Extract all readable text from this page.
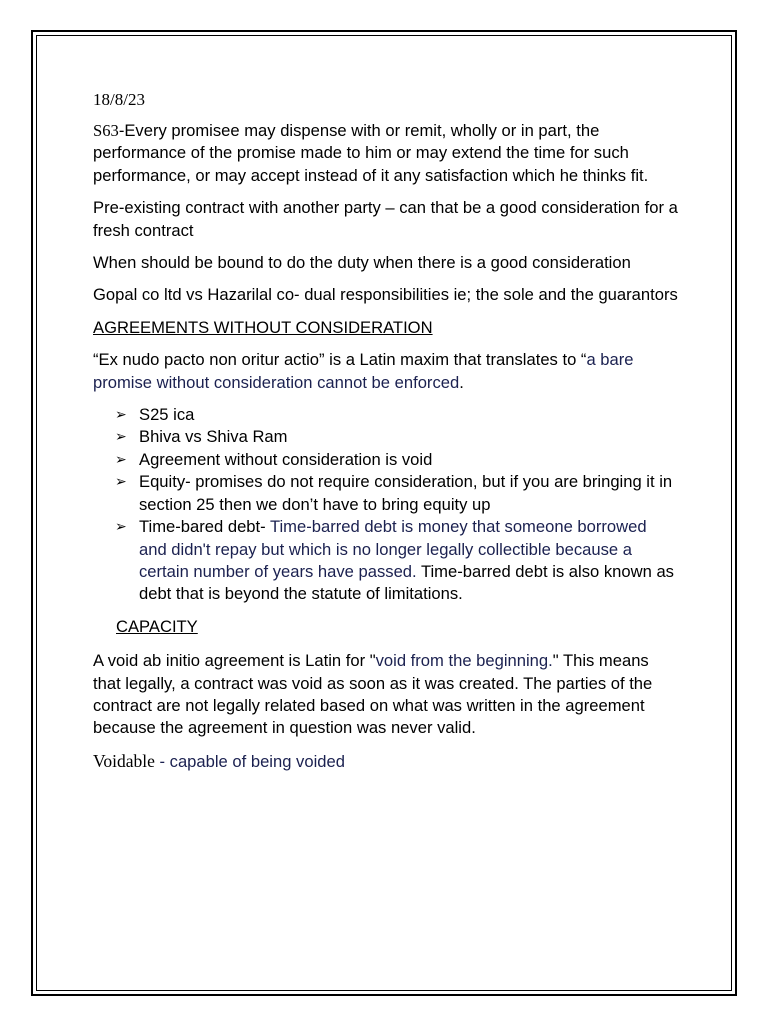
18/8/23

S63-Every promisee may dispense with or remit, wholly or in part, the performance of the promise made to him or may extend the time for such performance, or may accept instead of it any satisfaction which he thinks fit.

Pre-existing contract with another party – can that be a good consideration for a fresh contract

When should be bound to do the duty when there is a good consideration

Gopal co ltd vs Hazarilal co- dual responsibilities ie; the sole and the guarantors

AGREEMENTS WITHOUT CONSIDERATION

“Ex nudo pacto non oritur actio” is a Latin maxim that translates to “a bare promise without consideration cannot be enforced.

➢ S25 ica
➢ Bhiva vs Shiva Ram
➢ Agreement without consideration is void
➢ Equity- promises do not require consideration, but if you are bringing it in section 25 then we don’t have to bring equity up
➢ Time-bared debt- Time-barred debt is money that someone borrowed and didn't repay but which is no longer legally collectible because a certain number of years have passed. Time-barred debt is also known as debt that is beyond the statute of limitations.
CAPACITY

A void ab initio agreement is Latin for "void from the beginning." This means that legally, a contract was void as soon as it was created. The parties of the contract are not legally related based on what was written in the agreement because the agreement in question was never valid.

Voidable - capable of being voided
